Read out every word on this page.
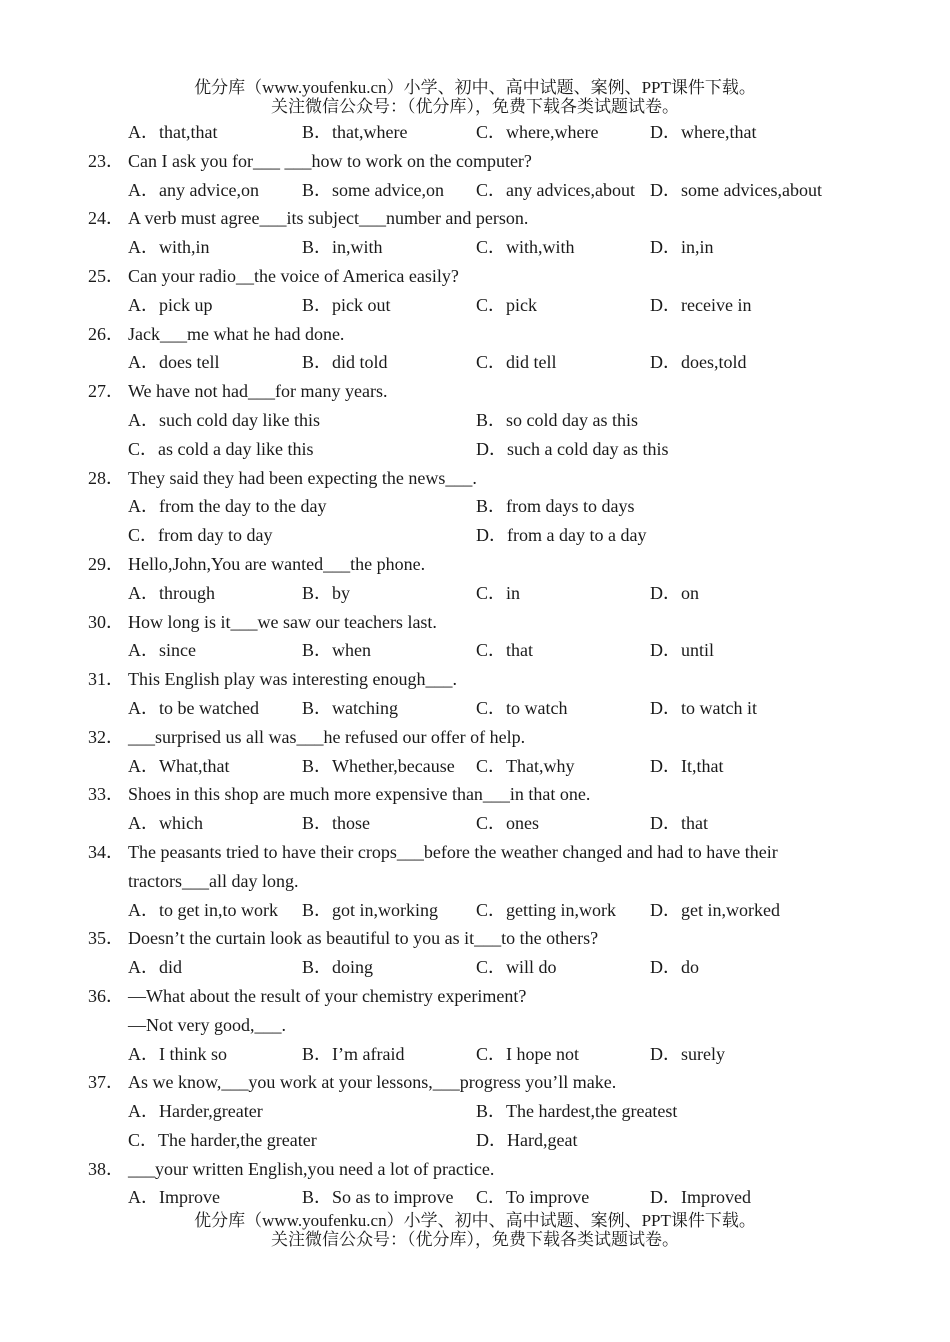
优分库（www.youfenku.cn）小学、初中、高中试题、案例、PPT课件下载。
关注微信公众号：（优分库），免费下载各类试题试卷。
A．that,that	B．that,where	C．where,where	D．where,that
23． Can I ask you for___ ___how to work on the computer?
A．any advice,on B．some advice,on C．any advices,about D．some advices,about
24． A verb must agree___its subject___number and person.
A．with,in	B．in,with	C．with,with	D．in,in
25． Can your radio__the voice of America easily?
A．pick up	B．pick out	C．pick	D．receive in
26． Jack___me what he had done.
A．does tell	B．did told	C．did tell	D．does,told
27． We have not had___for many years.
A．such cold day like this	B．so cold day as this
C．as cold a day like this	D．such a cold day as this
28． They said they had been expecting the news___.
A．from the day to the day	B．from days to days
C．from day to day	D．from a day to a day
29． Hello,John,You are wanted___the phone.
A．through	B．by	C．in	D．on
30． How long is it___we saw our teachers last.
A．since	B．when	C．that	D．until
31． This English play was interesting enough___.
A．to be watched B．watching	C．to watch	D．to watch it
32． ___surprised us all was___he refused our offer of help.
A．What,that	B．Whether,because C．That,why	D．It,that
33． Shoes in this shop are much more expensive than___in that one.
A．which	B．those	C．ones	D．that
34． The peasants tried to have their crops___before the weather changed and had to have their
tractors___all day long.
A．to get in,to work B．got in,working C．getting in,work D．get in,worked
35． Doesn’t the curtain look as beautiful to you as it___to the others?
A．did	B．doing	C．will do	D．do
36． —What about the result of your chemistry experiment?
—Not very good,___.
A．I think so	B．I’m afraid	C．I hope not	D．surely
37． As we know,___you work at your lessons,___progress you’ll make.
A．Harder,greater	B．The hardest,the greatest
C．The harder,the greater	D．Hard,geat
38． ___your written English,you need a lot of practice.
A．Improve	B．So as to improve C．To improve	D．Improved
优分库（www.youfenku.cn）小学、初中、高中试题、案例、PPT课件下载。
关注微信公众号：（优分库），免费下载各类试题试卷。
